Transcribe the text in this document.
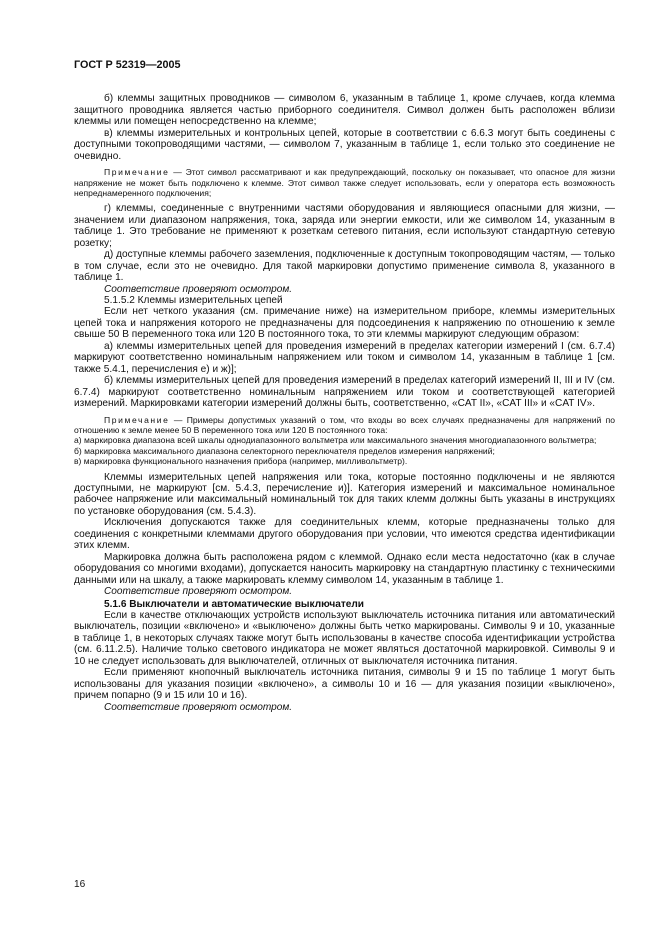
ГОСТ Р 52319—2005

б) клеммы защитных проводников — символом 6, указанным в таблице 1, кроме случаев, когда клемма защитного проводника является частью приборного соединителя. Символ должен быть расположен вблизи клеммы или помещен непосредственно на клемме;

в) клеммы измерительных и контрольных цепей, которые в соответствии с 6.6.3 могут быть соединены с доступными токопроводящими частями, — символом 7, указанным в таблице 1, если только это соединение не очевидно.

Примечание — Этот символ рассматривают и как предупреждающий, поскольку он показывает, что опасное для жизни напряжение не может быть подключено к клемме. Этот символ также следует использовать, если у оператора есть возможность непреднамеренного подключения;

г) клеммы, соединенные с внутренними частями оборудования и являющиеся опасными для жизни, — значением или диапазоном напряжения, тока, заряда или энергии емкости, или же символом 14, указанным в таблице 1. Это требование не применяют к розеткам сетевого питания, если используют стандартную сетевую розетку;

д) доступные клеммы рабочего заземления, подключенные к доступным токопроводящим частям, — только в том случае, если это не очевидно. Для такой маркировки допустимо применение символа 8, указанного в таблице 1.

Соответствие проверяют осмотром.

5.1.5.2 Клеммы измерительных цепей

Если нет четкого указания (см. примечание ниже) на измерительном приборе, клеммы измерительных цепей тока и напряжения которого не предназначены для подсоединения к напряжению по отношению к земле свыше 50 В переменного тока или 120 В постоянного тока, то эти клеммы маркируют следующим образом:

а) клеммы измерительных цепей для проведения измерений в пределах категории измерений I (см. 6.7.4) маркируют соответственно номинальным напряжением или током и символом 14, указанным в таблице 1 [см. также 5.4.1, перечисления е) и ж)];

б) клеммы измерительных цепей для проведения измерений в пределах категорий измерений II, III и IV (см. 6.7.4) маркируют соответственно номинальным напряжением или током и соответствующей категорией измерений. Маркировками категории измерений должны быть, соответственно, «CAT II», «CAT III» и «CAT IV».

Примечание — Примеры допустимых указаний о том, что входы во всех случаях предназначены для напряжений по отношению к земле менее 50 В переменного тока или 120 В постоянного тока:

а) маркировка диапазона всей шкалы однодиапазонного вольтметра или максимального значения многодиапазонного вольтметра;

б) маркировка максимального диапазона селекторного переключателя пределов измерения напряжений;

в) маркировка функционального назначения прибора (например, милливольтметр).

Клеммы измерительных цепей напряжения или тока, которые постоянно подключены и не являются доступными, не маркируют [см. 5.4.3, перечисление и)]. Категория измерений и максимальное номинальное рабочее напряжение или максимальный номинальный ток для таких клемм должны быть указаны в инструкциях по установке оборудования (см. 5.4.3).

Исключения допускаются также для соединительных клемм, которые предназначены только для соединения с конкретными клеммами другого оборудования при условии, что имеются средства идентификации этих клемм.

Маркировка должна быть расположена рядом с клеммой. Однако если места недостаточно (как в случае оборудования со многими входами), допускается наносить маркировку на стандартную пластинку с техническими данными или на шкалу, а также маркировать клемму символом 14, указанным в таблице 1.

Соответствие проверяют осмотром.

5.1.6 Выключатели и автоматические выключатели

Если в качестве отключающих устройств используют выключатель источника питания или автоматический выключатель, позиции «включено» и «выключено» должны быть четко маркированы. Символы 9 и 10, указанные в таблице 1, в некоторых случаях также могут быть использованы в качестве способа идентификации устройства (см. 6.11.2.5). Наличие только светового индикатора не может являться достаточной маркировкой. Символы 9 и 10 не следует использовать для выключателей, отличных от выключателя источника питания.

Если применяют кнопочный выключатель источника питания, символы 9 и 15 по таблице 1 могут быть использованы для указания позиции «включено», а символы 10 и 16 — для указания позиции «выключено», причем попарно (9 и 15 или 10 и 16).

Соответствие проверяют осмотром.

16
